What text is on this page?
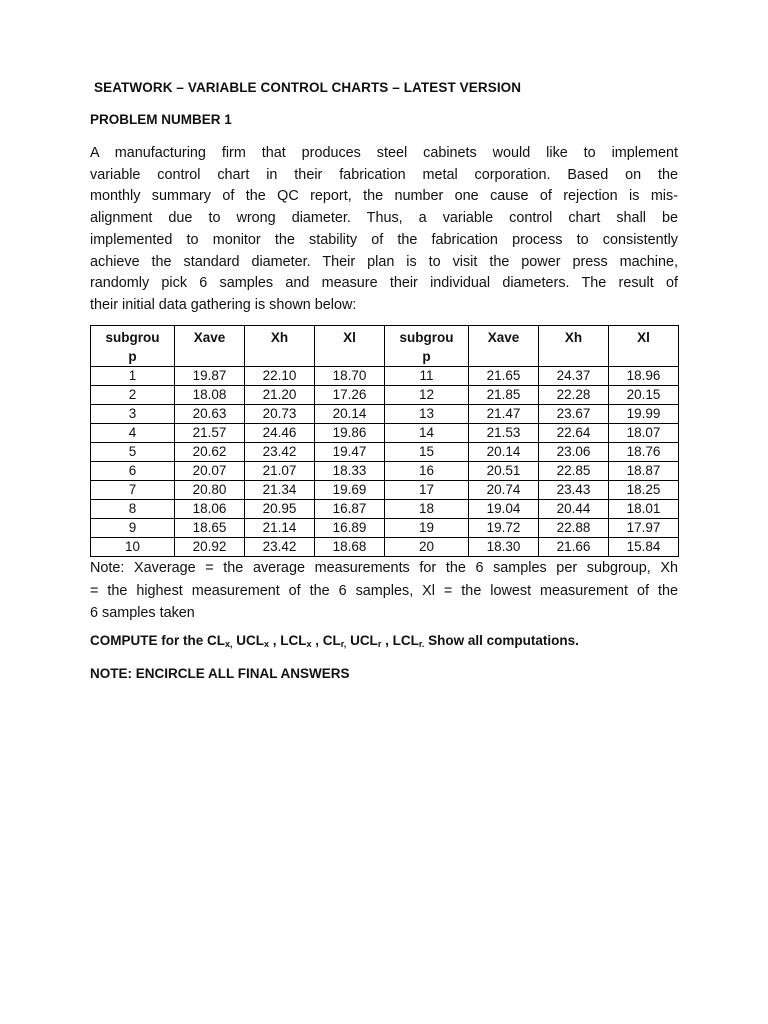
SEATWORK – VARIABLE CONTROL CHARTS – LATEST VERSION
PROBLEM NUMBER 1
A manufacturing firm that produces steel cabinets would like to implement
variable control chart in their fabrication metal corporation. Based on the
monthly summary of the QC report, the number one cause of rejection is mis-
alignment due to wrong diameter. Thus, a variable control chart shall be
implemented to monitor the stability of the fabrication process to consistently
achieve the standard diameter. Their plan is to visit the power press machine,
randomly pick 6 samples and measure their individual diameters. The result of
their initial data gathering is shown below:
subgrou
p	Xave	Xh	Xl	subgrou
p	Xave	Xh	Xl
1	19.87	22.10	18.70	11	21.65	24.37	18.96
2	18.08	21.20	17.26	12	21.85	22.28	20.15
3	20.63	20.73	20.14	13	21.47	23.67	19.99
4	21.57	24.46	19.86	14	21.53	22.64	18.07
5	20.62	23.42	19.47	15	20.14	23.06	18.76
6	20.07	21.07	18.33	16	20.51	22.85	18.87
7	20.80	21.34	19.69	17	20.74	23.43	18.25
8	18.06	20.95	16.87	18	19.04	20.44	18.01
9	18.65	21.14	16.89	19	19.72	22.88	17.97
10	20.92	23.42	18.68	20	18.30	21.66	15.84
Note: Xaverage = the average measurements for the 6 samples per subgroup, Xh
= the highest measurement of the 6 samples, Xl = the lowest measurement of the
6 samples taken
COMPUTE for the $CL_{x,}$ $UCL_x$ , $LCL_x$ , $CL_{r,}$ $UCL_r$ , $LCL_{r.}$ Show all computations.
NOTE: ENCIRCLE ALL FINAL ANSWERS
